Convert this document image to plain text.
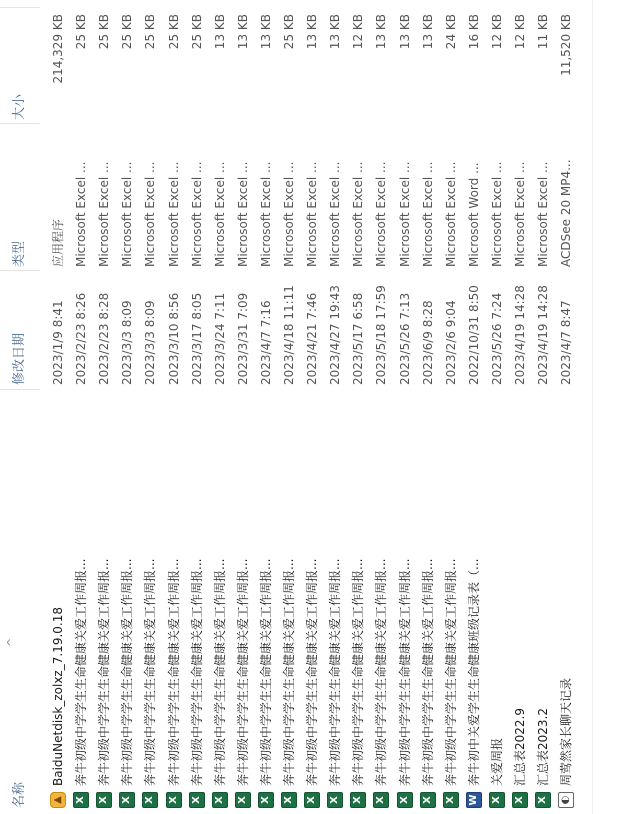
名称
^
修改日期
类型
大小
▲
BaiduNetdisk_zolxz_7.19.0.18
2023/1/9 8:41
应用程序
214,329 KB
X
奔牛初级中学学生生命健康关爱工作周报...
2023/2/23 8:26
Microsoft Excel ...
25 KB
X
奔牛初级中学学生生命健康关爱工作周报...
2023/2/23 8:28
Microsoft Excel ...
25 KB
X
奔牛初级中学学生生命健康关爱工作周报...
2023/3/3 8:09
Microsoft Excel ...
25 KB
X
奔牛初级中学学生生命健康关爱工作周报...
2023/3/3 8:09
Microsoft Excel ...
25 KB
X
奔牛初级中学学生生命健康关爱工作周报...
2023/3/10 8:56
Microsoft Excel ...
25 KB
X
奔牛初级中学学生生命健康关爱工作周报...
2023/3/17 8:05
Microsoft Excel ...
25 KB
X
奔牛初级中学学生生命健康关爱工作周报...
2023/3/24 7:11
Microsoft Excel ...
13 KB
X
奔牛初级中学学生生命健康关爱工作周报...
2023/3/31 7:09
Microsoft Excel ...
13 KB
X
奔牛初级中学学生生命健康关爱工作周报...
2023/4/7 7:16
Microsoft Excel ...
13 KB
X
奔牛初级中学学生生命健康关爱工作周报...
2023/4/18 11:11
Microsoft Excel ...
25 KB
X
奔牛初级中学学生生命健康关爱工作周报...
2023/4/21 7:46
Microsoft Excel ...
13 KB
X
奔牛初级中学学生生命健康关爱工作周报...
2023/4/27 19:43
Microsoft Excel ...
13 KB
X
奔牛初级中学学生生命健康关爱工作周报...
2023/5/17 6:58
Microsoft Excel ...
12 KB
X
奔牛初级中学学生生命健康关爱工作周报...
2023/5/18 17:59
Microsoft Excel ...
13 KB
X
奔牛初级中学学生生命健康关爱工作周报...
2023/5/26 7:13
Microsoft Excel ...
13 KB
X
奔牛初级中学学生生命健康关爱工作周报...
2023/6/9 8:28
Microsoft Excel ...
13 KB
X
奔牛初级中学学生生命健康关爱工作周报...
2023/2/6 9:04
Microsoft Excel ...
24 KB
W
奔牛初中关爱学生生命健康班级记录表（...
2022/10/31 8:50
Microsoft Word ...
16 KB
X
关爱周报
2023/5/26 7:24
Microsoft Excel ...
12 KB
X
汇总表2022.9
2023/4/19 14:28
Microsoft Excel ...
12 KB
X
汇总表2023.2
2023/4/19 14:28
Microsoft Excel ...
11 KB
◐
周莺然家长聊天记录
2023/4/7 8:47
ACDSee 20 MP4...
11,520 KB
